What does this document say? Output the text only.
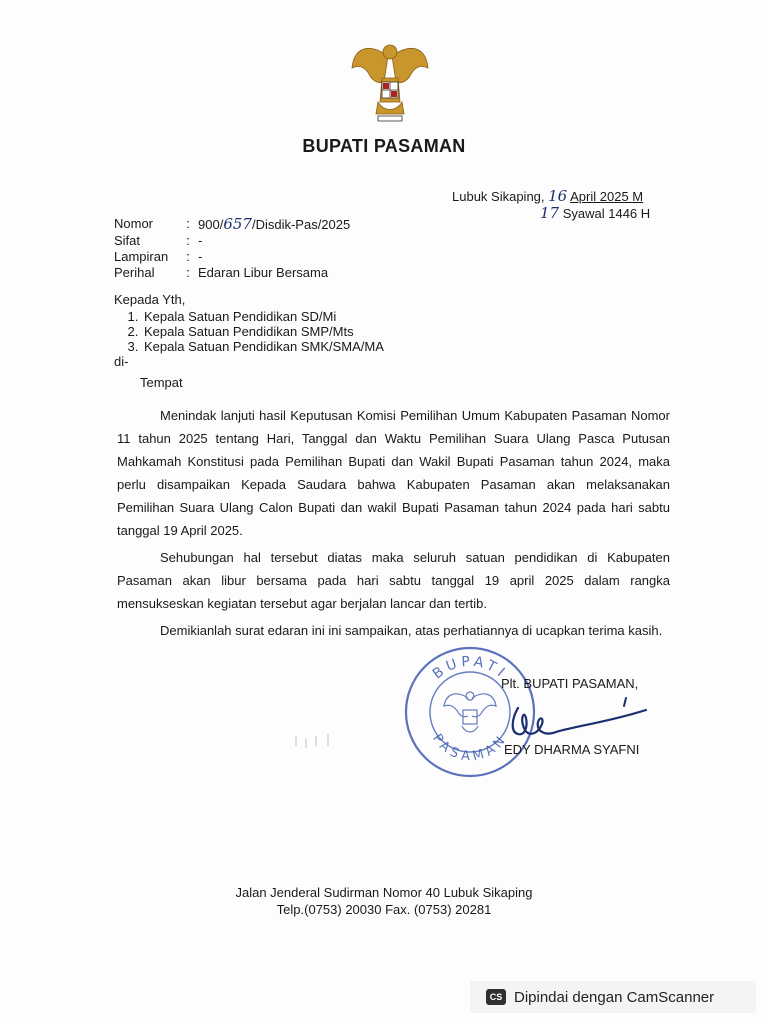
BUPATI PASAMAN
Lubuk Sikaping, 16 April 2025 M
17 Syawal 1446 H
Nomor	: 900/657/Disdik-Pas/2025
Sifat	: -
Lampiran	: -
Perihal	: Edaran Libur Bersama
Kepada Yth,
1. Kepala Satuan Pendidikan SD/Mi
2. Kepala Satuan Pendidikan SMP/Mts
3. Kepala Satuan Pendidikan SMK/SMA/MA
di-
Tempat

Menindak lanjuti hasil Keputusan Komisi Pemilihan Umum Kabupaten Pasaman Nomor 11 tahun 2025 tentang Hari, Tanggal dan Waktu Pemilihan Suara Ulang Pasca Putusan Mahkamah Konstitusi pada Pemilihan Bupati dan Wakil Bupati Pasaman tahun 2024, maka perlu disampaikan Kepada Saudara bahwa Kabupaten Pasaman akan melaksanakan Pemilihan Suara Ulang Calon Bupati dan wakil Bupati Pasaman tahun 2024 pada hari sabtu tanggal 19 April 2025.

Sehubungan hal tersebut diatas maka seluruh satuan pendidikan di Kabupaten Pasaman akan libur bersama pada hari sabtu tanggal 19 april 2025 dalam rangka mensukseskan kegiatan tersebut agar berjalan lancar dan tertib.

Demikianlah surat edaran ini ini sampaikan, atas perhatiannya di ucapkan terima kasih.

BUPATI
PASAMAN
Plt. BUPATI PASAMAN,
EDY DHARMA SYAFNI
Jalan Jenderal Sudirman Nomor 40 Lubuk Sikaping
Telp.(0753) 20030 Fax. (0753) 20281
CS Dipindai dengan CamScanner
